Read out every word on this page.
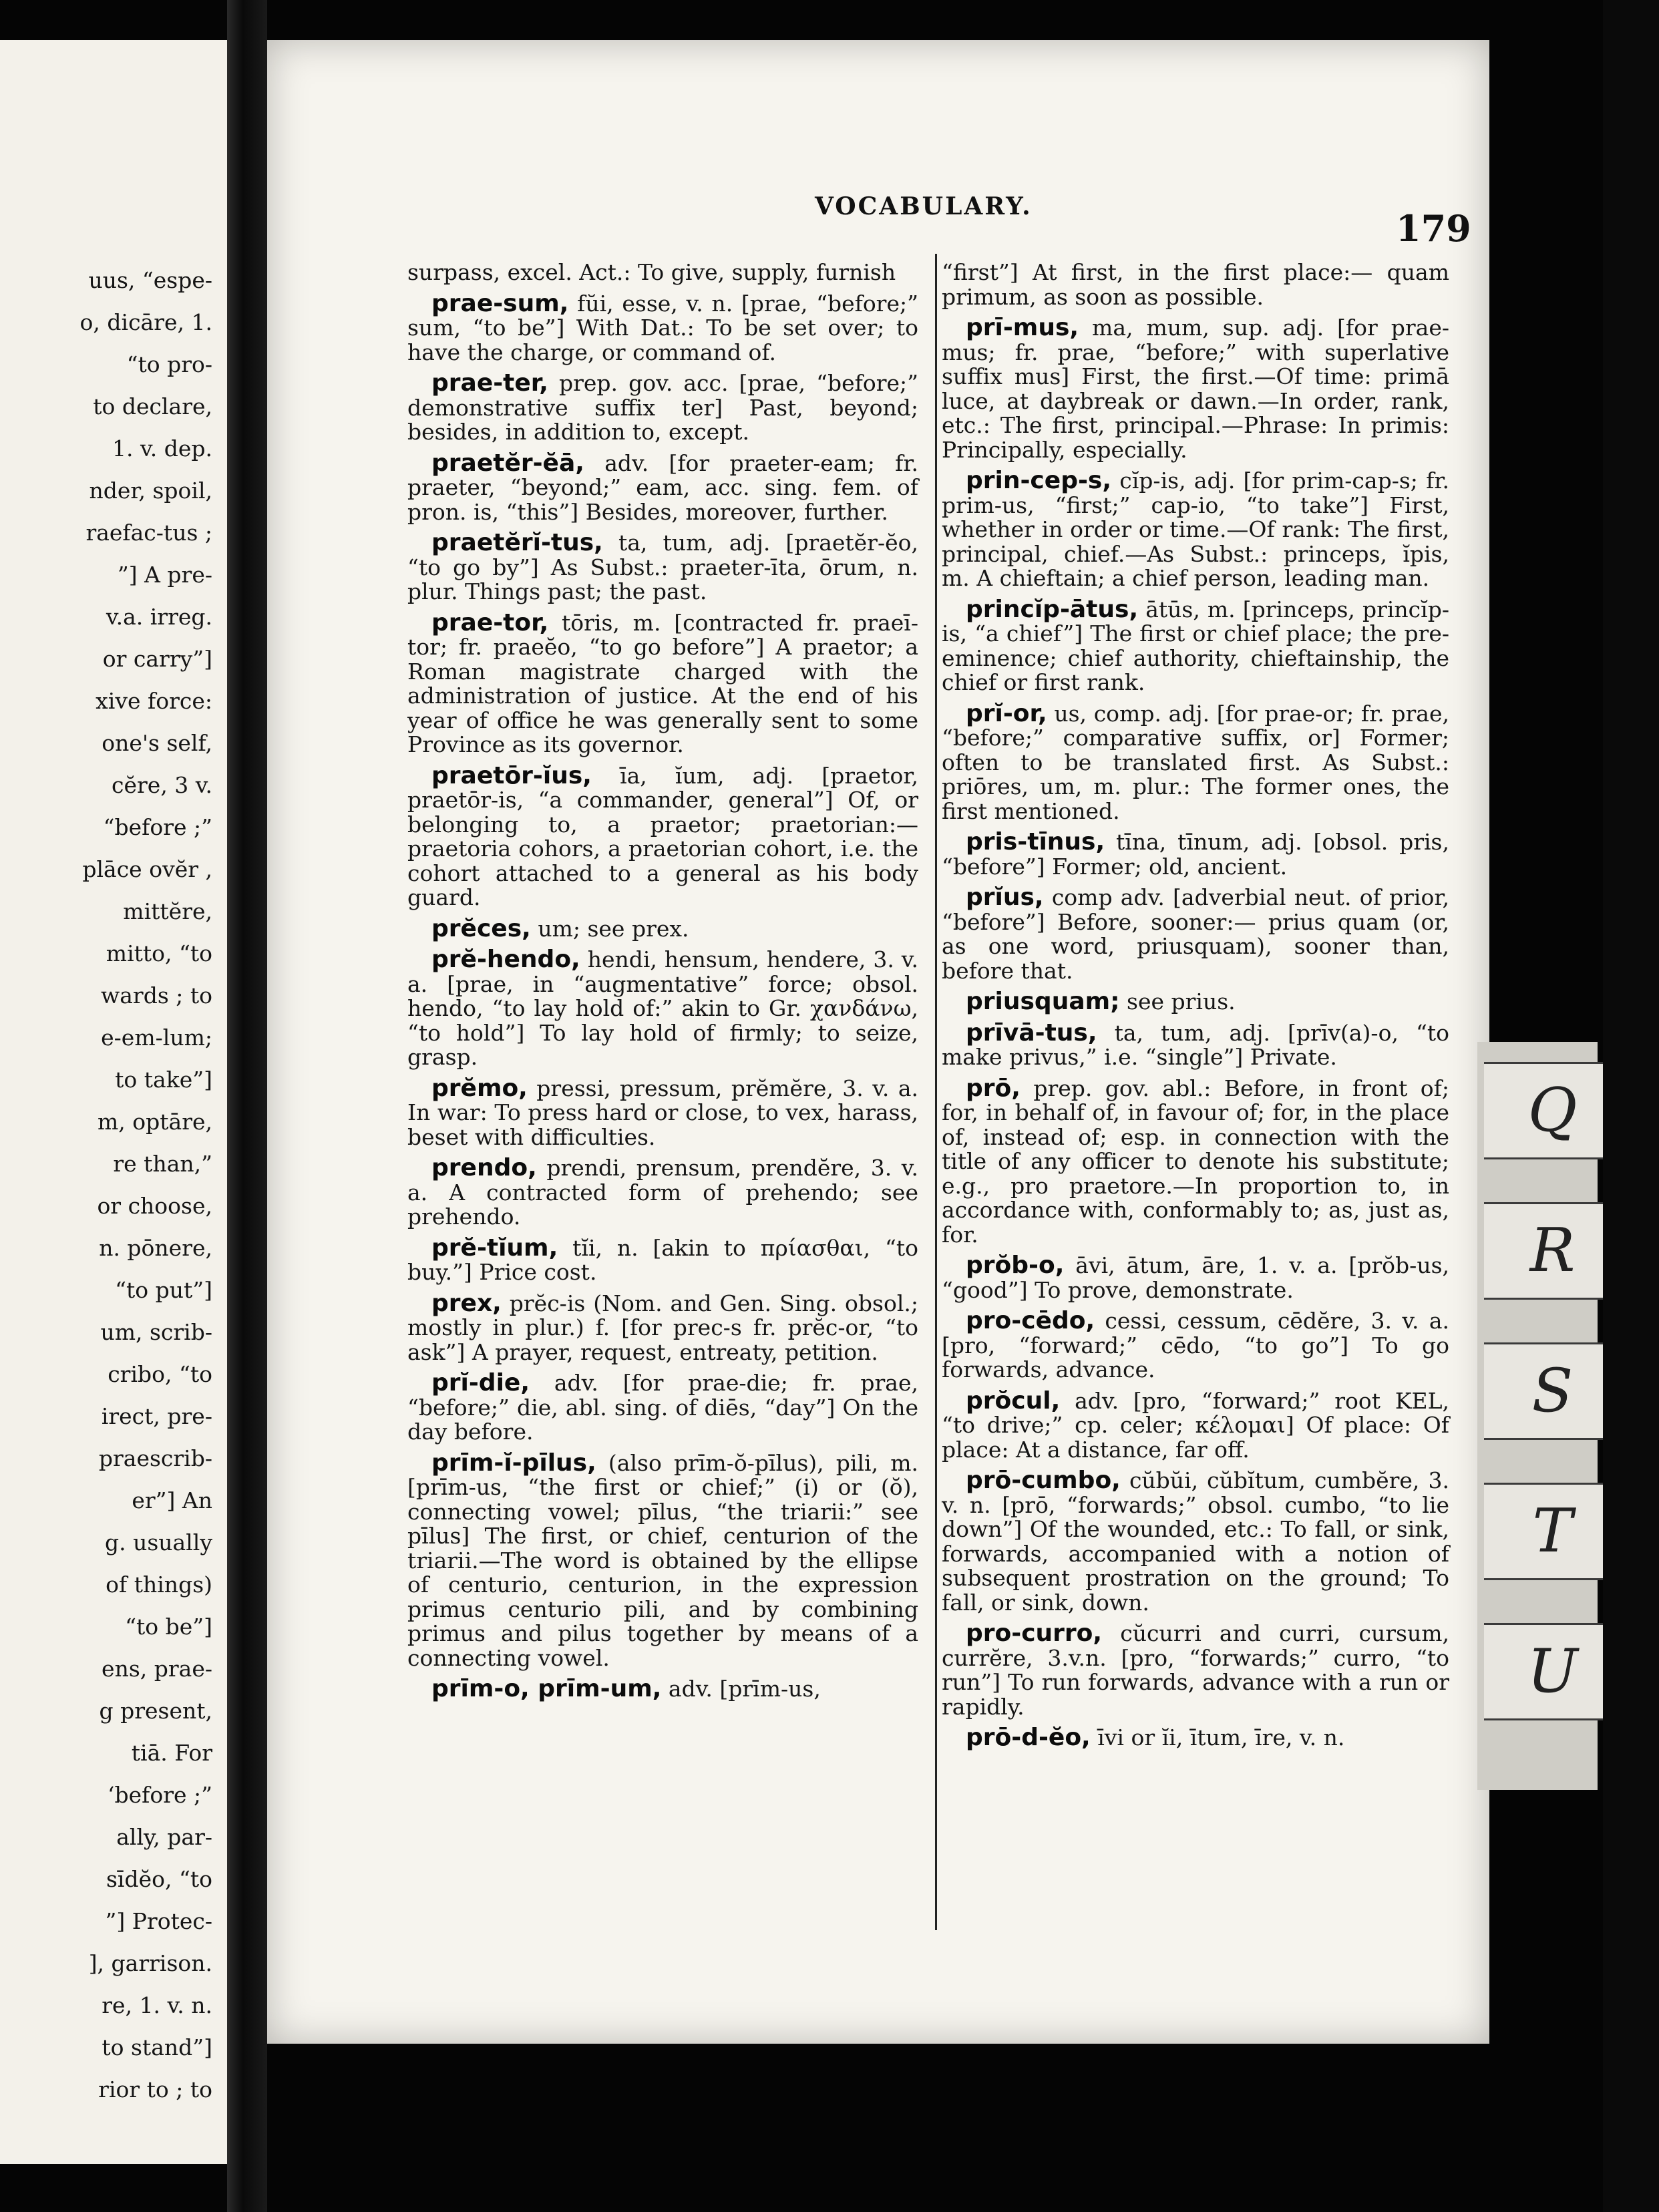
uus, “espe-
o, dicāre, 1.
“to pro-
to declare,
1. v. dep.
nder, spoil,
raefac-tus ;
”] A pre-
v.a. irreg.
or carry”]
xive force:
one's self,
cĕre, 3 v.
“before ;”
plāce ovĕr ,
mittĕre,
mitto, “to
wards ; to
e-em-lum;
to take”]
m, optāre,
re than,”
or choose,
n. pōnere,
“to put”]
um, scrib-
cribo, “to
irect, pre-
praescrib-
er”] An
g. usually
of things)
“to be”]
ens, prae-
g present,
tiā. For
‘before ;”
ally, par-
sīdĕo, “to
”] Protec-
], garrison.
re, 1. v. n.
to stand”]
rior to ; to
VOCABULARY.
179
surpass, excel. Act.: To give, supply, furnish
prae-sum, fŭi, esse, v. n. [prae, “before;” sum, “to be”] With Dat.: To be set over; to have the charge, or command of.
prae-ter, prep. gov. acc. [prae, “before;” demonstrative suffix ter] Past, beyond; besides, in addition to, except.
praetĕr-ĕā, adv. [for praeter-eam; fr. praeter, “beyond;” eam, acc. sing. fem. of pron. is, “this”] Besides, moreover, further.
praetĕrĭ-tus, ta, tum, adj. [praetĕr-ĕo, “to go by”] As Subst.: praeter-īta, ōrum, n. plur. Things past; the past.
prae-tor, tōris, m. [contracted fr. praeī-tor; fr. praeĕo, “to go before”] A praetor; a Roman magistrate charged with the administration of justice. At the end of his year of office he was generally sent to some Province as its governor.
praetōr-ĭus, īa, ĭum, adj. [praetor, praetōr-is, “a commander, general”] Of, or belonging to, a praetor; praetorian:— praetoria cohors, a praetorian cohort, i.e. the cohort attached to a general as his body guard.
prĕces, um; see prex.
prĕ-hendo, hendi, hensum, hendere, 3. v. a. [prae, in “augmentative” force; obsol. hendo, “to lay hold of:” akin to Gr. χανδάνω, “to hold”] To lay hold of firmly; to seize, grasp.
prĕmo, pressi, pressum, prĕmĕre, 3. v. a. In war: To press hard or close, to vex, harass, beset with difficulties.
prendo, prendi, prensum, prendĕre, 3. v. a. A contracted form of prehendo; see prehendo.
prĕ-tĭum, tĭi, n. [akin to πρίασθαι, “to buy.”] Price cost.
prex, prĕc-is (Nom. and Gen. Sing. obsol.; mostly in plur.) f. [for prec-s fr. prĕc-or, “to ask”] A prayer, request, entreaty, petition.
prĭ-die, adv. [for prae-die; fr. prae, “before;” die, abl. sing. of diēs, “day”] On the day before.
prīm-ĭ-pīlus, (also prīm-ŏ-pīlus), pili, m. [prīm-us, “the first or chief;” (i) or (ŏ), connecting vowel; pīlus, “the triarii:” see pīlus] The first, or chief, centurion of the triarii.—The word is obtained by the ellipse of centurio, centurion, in the expression primus centurio pili, and by combining primus and pilus together by means of a connecting vowel.
prīm-o, prīm-um, adv. [prīm-us,
“first”] At first, in the first place:— quam primum, as soon as possible.
prī-mus, ma, mum, sup. adj. [for prae-mus; fr. prae, “before;” with superlative suffix mus] First, the first.—Of time: primā luce, at daybreak or dawn.—In order, rank, etc.: The first, principal.—Phrase: In primis: Principally, especially.
prin-cep-s, cĭp-is, adj. [for prim-cap-s; fr. prim-us, “first;” cap-io, “to take”] First, whether in order or time.—Of rank: The first, principal, chief.—As Subst.: princeps, ĭpis, m. A chieftain; a chief person, leading man.
princĭp-ātus, ātūs, m. [princeps, princĭp-is, “a chief”] The first or chief place; the pre-eminence; chief authority, chieftainship, the chief or first rank.
prĭ-or, us, comp. adj. [for prae-or; fr. prae, “before;” comparative suffix, or] Former; often to be translated first. As Subst.: priōres, um, m. plur.: The former ones, the first mentioned.
pris-tīnus, tīna, tīnum, adj. [obsol. pris, “before”] Former; old, ancient.
prĭus, comp adv. [adverbial neut. of prior, “before”] Before, sooner:— prius quam (or, as one word, priusquam), sooner than, before that.
priusquam; see prius.
prīvā-tus, ta, tum, adj. [prīv(a)-o, “to make privus,” i.e. “single”] Private.
prō, prep. gov. abl.: Before, in front of; for, in behalf of, in favour of; for, in the place of, instead of; esp. in connection with the title of any officer to denote his substitute; e.g., pro praetore.—In proportion to, in accordance with, conformably to; as, just as, for.
prŏb-o, āvi, ātum, āre, 1. v. a. [prŏb-us, “good”] To prove, demonstrate.
pro-cēdo, cessi, cessum, cēdĕre, 3. v. a. [pro, “forward;” cēdo, “to go”] To go forwards, advance.
prŏcul, adv. [pro, “forward;” root KEL, “to drive;” cp. celer; κέλομαι] Of place: Of place: At a distance, far off.
prō-cumbo, cŭbŭi, cŭbĭtum, cumbĕre, 3. v. n. [prō, “forwards;” obsol. cumbo, “to lie down”] Of the wounded, etc.: To fall, or sink, forwards, accompanied with a notion of subsequent prostration on the ground; To fall, or sink, down.
pro-curro, cŭcurri and curri, cursum, currĕre, 3.v.n. [pro, “forwards;” curro, “to run”] To run forwards, advance with a run or rapidly.
prō-d-ĕo, īvi or ĭi, ītum, īre, v. n.
Q
R
S
T
U
